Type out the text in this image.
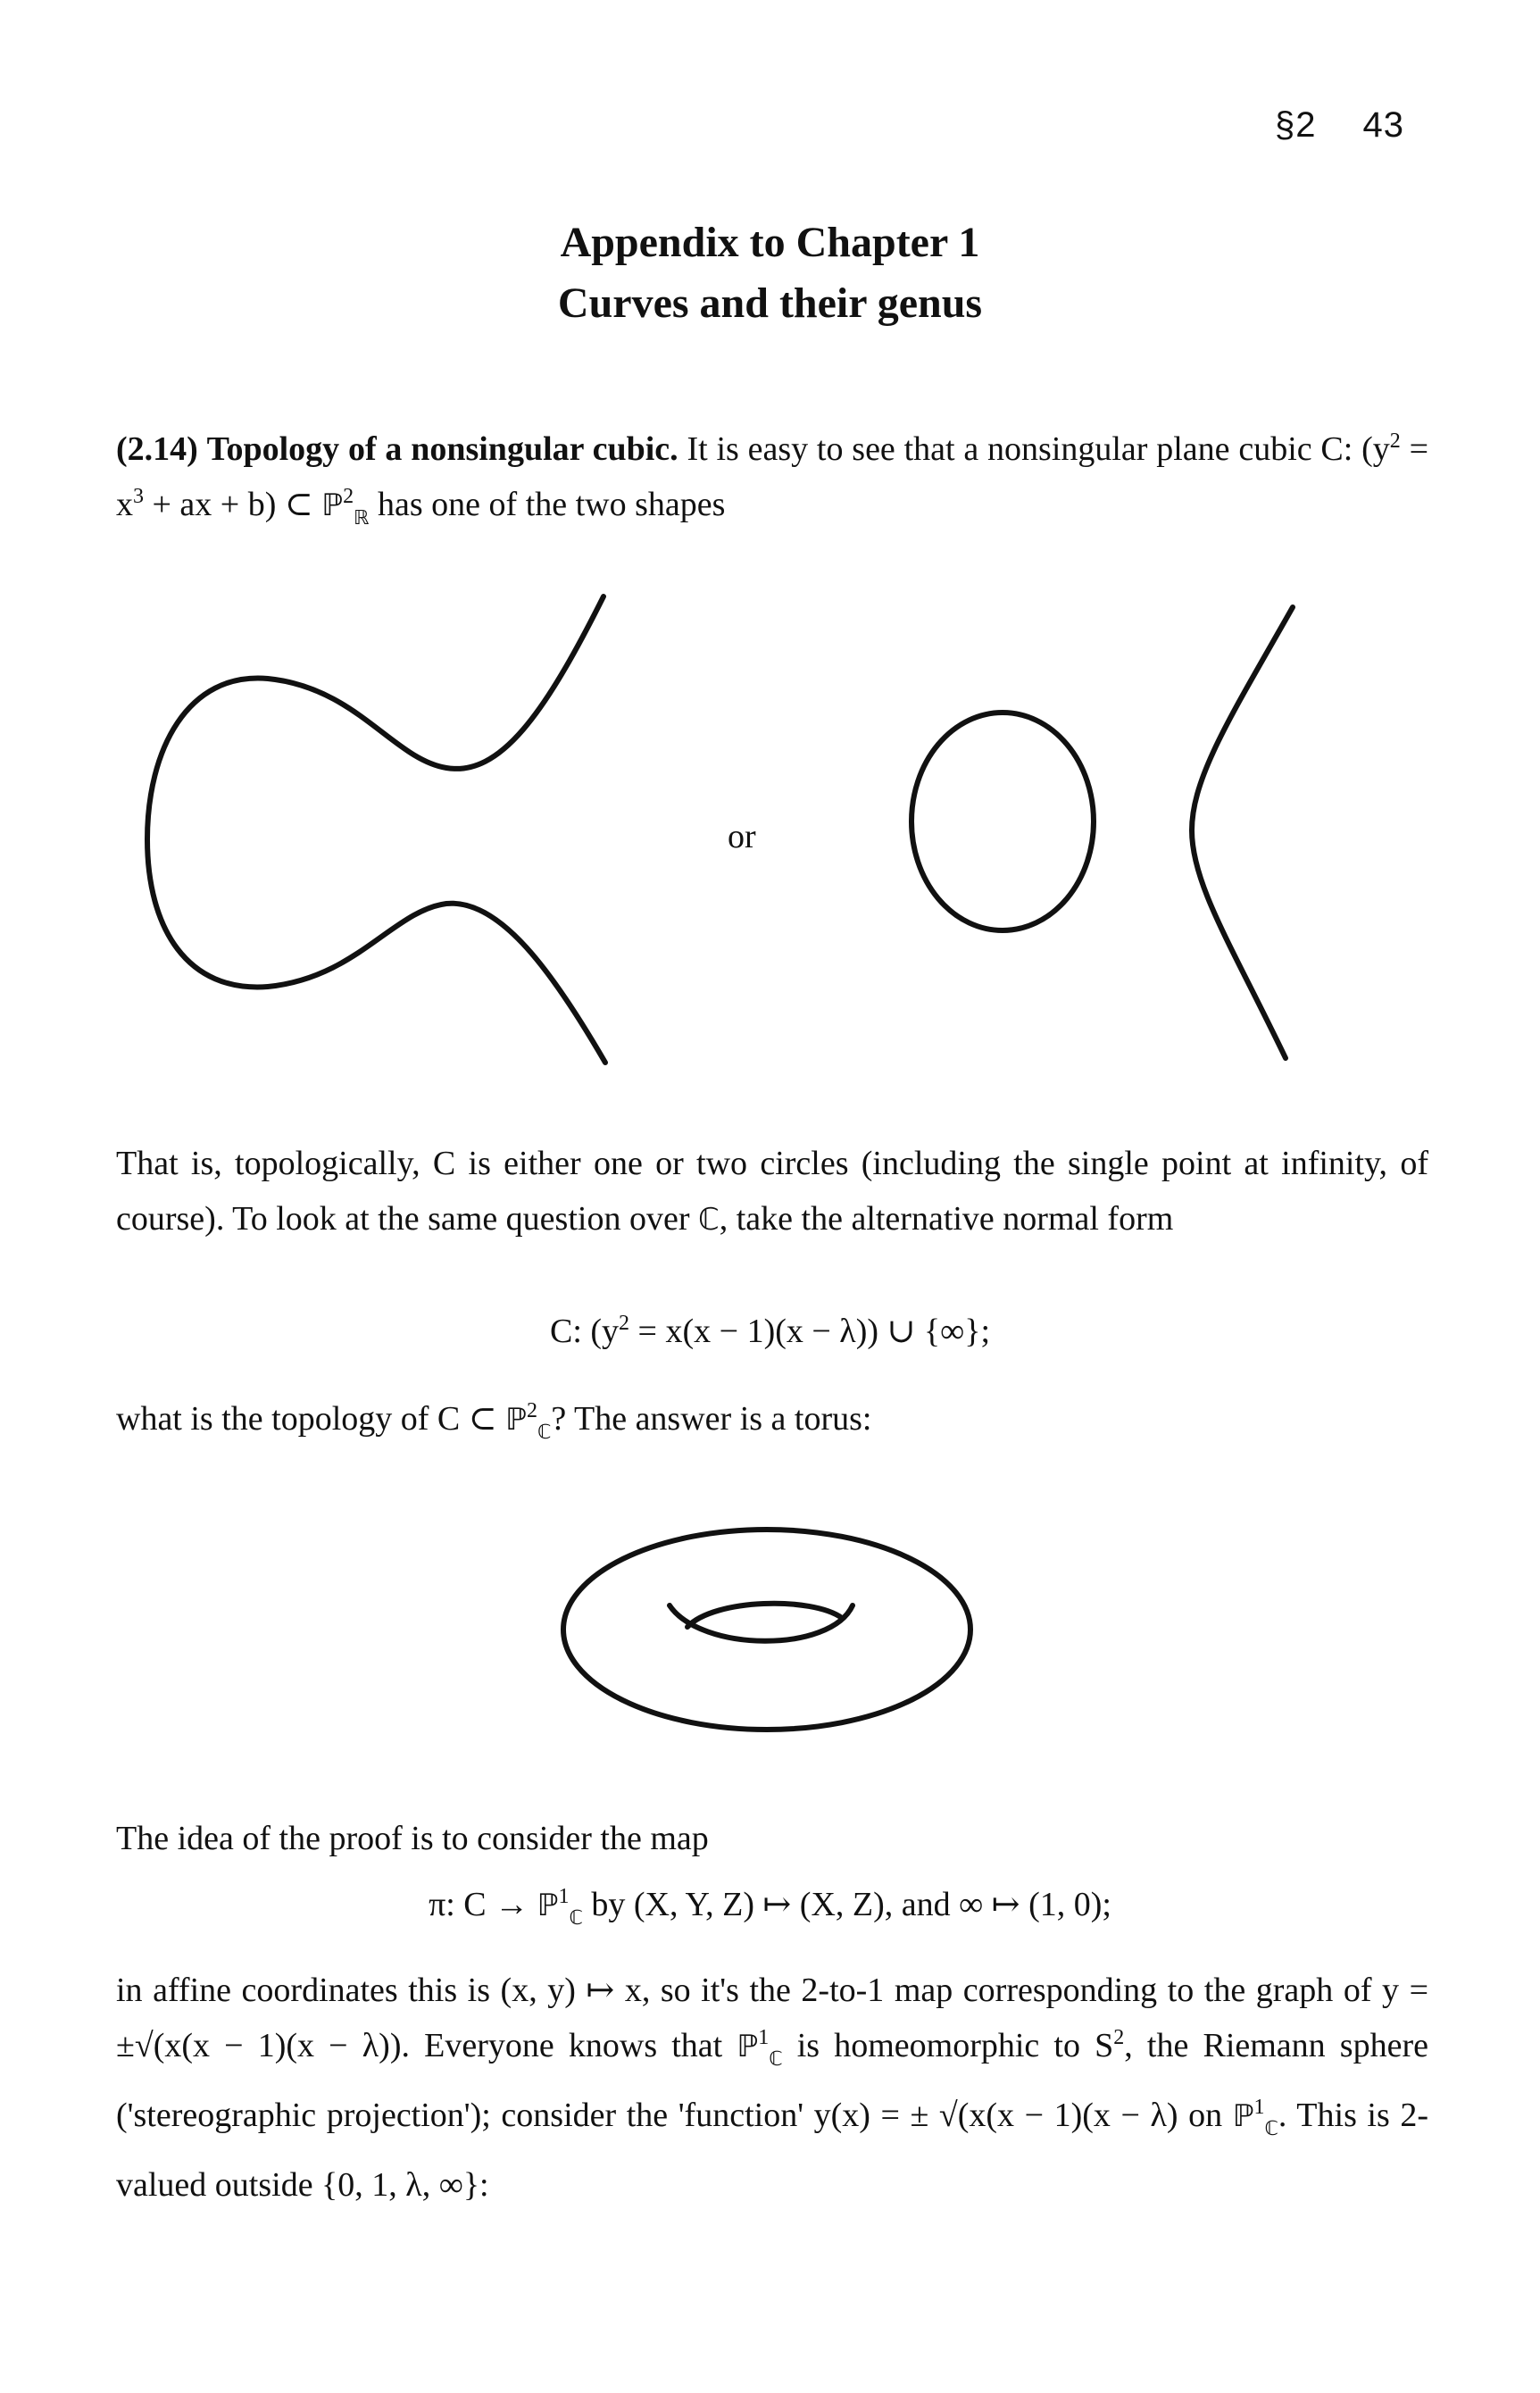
§2 43
Appendix to Chapter 1
Curves and their genus
(2.14) Topology of a nonsingular cubic. It is easy to see that a nonsingular plane cubic C: ($y^2 = x^3$ + ax + b) ⊂ ℙ$^2_ℝ$ has one of the two shapes
or
That is, topologically, C is either one or two circles (including the single point at infinity, of course). To look at the same question over ℂ, take the alternative normal form
C: $(y^2 = x(x - 1)(x - \lambda))$ ∪ {∞};
what is the topology of C ⊂ ℙ$^2_ℂ$? The answer is a torus:
The idea of the proof is to consider the map
π: C → ℙ$^1_ℂ$ by (X, Y, Z) ↦ (X, Z), and ∞ ↦ (1, 0);
in affine coordinates this is (x, y) ↦ x, so it's the 2-to-1 map corresponding to the graph of y = ±√(x(x − 1)(x − λ)). Everyone knows that ℙ$^1_ℂ$ is homeomorphic to $S^2$, the Riemann sphere ('stereographic projection'); consider the 'function' y(x) = ± √(x(x − 1)(x − λ) on ℙ$^1_ℂ$. This is 2-valued outside {0, 1, λ, ∞}:
